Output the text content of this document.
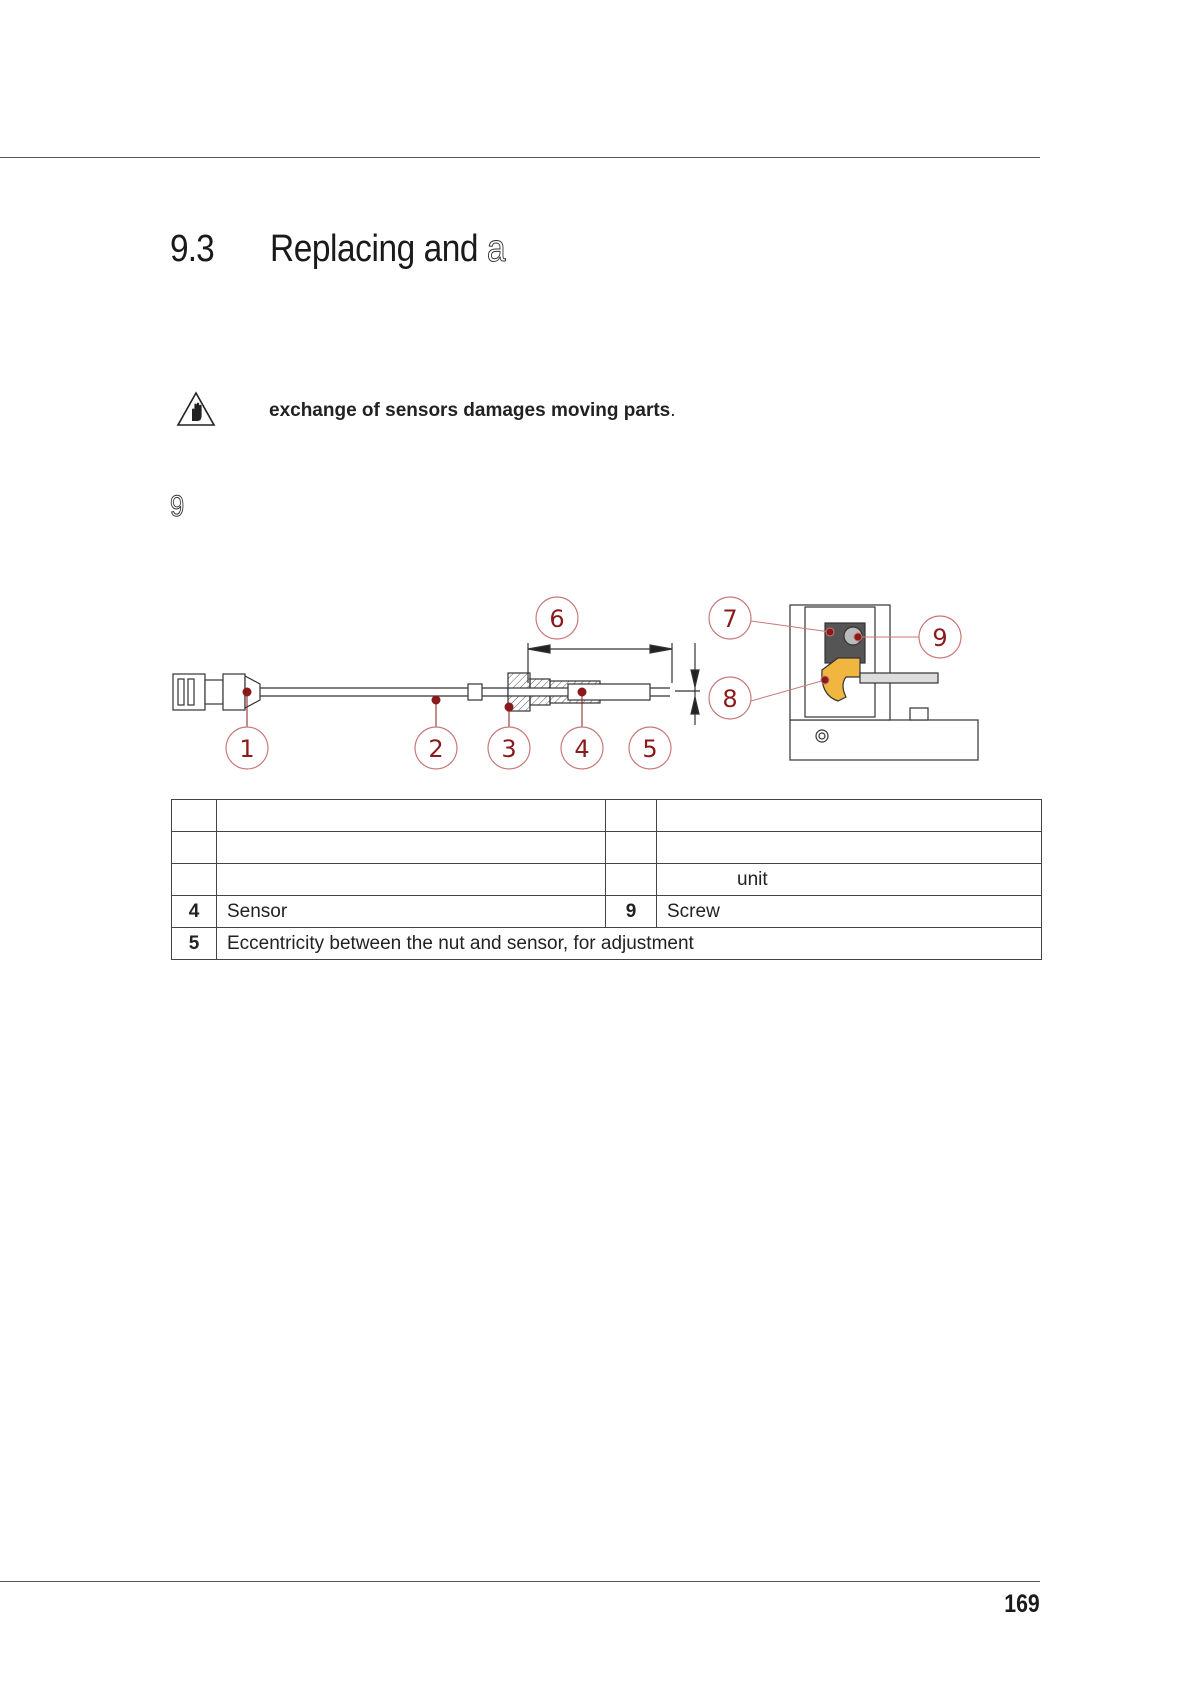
9.3 Replacing and a
exchange of sensors damages moving parts.
9
1	2 3 4 5
6	7
8
9

			unit
4	Sensor	9	Screw
5	Eccentricity between the nut and sensor, for adjustment		
169
